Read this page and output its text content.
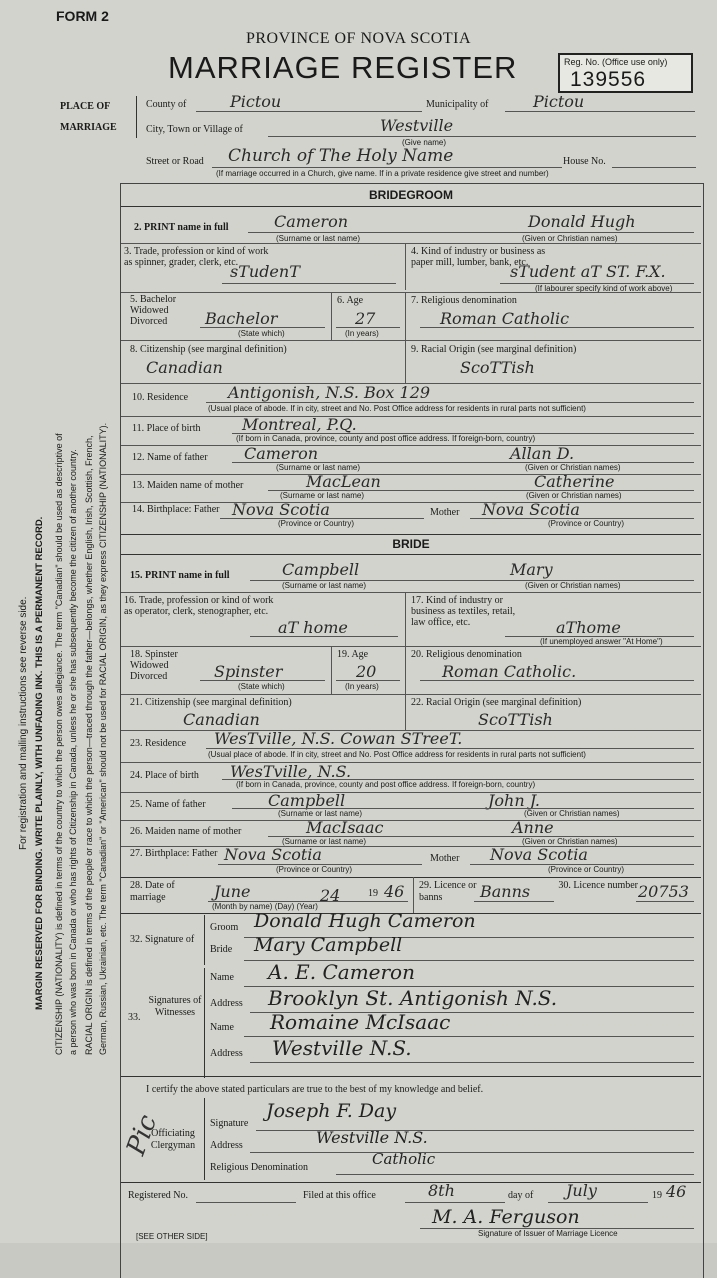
For registration and mailing instructions see reverse side. MARGIN RESERVED FOR BINDING. WRITE PLAINLY, WITH UNFADING INK. THIS IS A PERMANENT RECORD. CITIZENSHIP (NATIONALITY) is defined in terms of the country to which the person owes allegiance. The term "Canadian" should be used as descriptive of a person who was born in Canada or who has rights of Citizenship in Canada, unless he or she has subsequently become the citizen of another country. RACIAL ORIGIN is defined in terms of the people or race to which the person—traced through the father—belongs, whether English, Irish, Scottish, French, German, Russian, Ukrainian, etc. The term "Canadian" or "American" should not be used for RACIAL ORIGIN, as they express CITIZENSHIP (NATIONALITY).
FORM 2
PROVINCE OF NOVA SCOTIA
MARRIAGE REGISTER	Reg. No. (Office use only)
139556
PLACE OF
MARRIAGE
County of	Pictou	Municipality of	Pictou
City, Town or Village of	Westville
(Give name)
Street or Road Church of The Holy Name	House No.
(If marriage occurred in a Church, give name. If in a private residence give street and number)
BRIDEGROOM
2. PRINT name in full	Cameron	Donald Hugh
(Surname or last name)	(Given or Christian names)
3. Trade, profession or kind of work as spinner, grader, clerk, etc.
sTudenT
4. Kind of industry or business as paper mill, lumber, bank, etc.
sTudent aT ST. F.X.
(If labourer specify kind of work above)
5. Bachelor Widowed Divorced	Bachelor
(State which)
6. Age
27
(In years)
7. Religious denomination
Roman Catholic
8. Citizenship (see marginal definition)
Canadian
9. Racial Origin (see marginal definition)
ScoTTish
10. Residence Antigonish, N.S. Box 129
(Usual place of abode. If in city, street and No. Post Office address for residents in rural parts not sufficient)
11. Place of birth	Montreal, P.Q.
(If born in Canada, province, county and post office address. If foreign-born, country)
12. Name of father Cameron	Allan D.
(Surname or last name)	(Given or Christian names)
13. Maiden name of mother	MacLean	Catherine
(Surname or last name)	(Given or Christian names)
14. Birthplace: Father Nova Scotia
(Province or Country)
Mother Nova Scotia
(Province or Country)
BRIDE
15. PRINT name in full	Campbell	Mary
(Surname or last name)	(Given or Christian names)
16. Trade, profession or kind of work as operator, clerk, stenographer, etc.
aT home
17. Kind of industry or business as textiles, retail, law office, etc.	aThome
(If unemployed answer "At Home")
18. Spinster Widowed Divorced	Spinster
(State which)
19. Age
20
(In years)
20. Religious denomination
Roman Catholic.
21. Citizenship (see marginal definition)
Canadian
22. Racial Origin (see marginal definition)
ScoTTish
23. Residence WesTville, N.S. Cowan STreeT.
(Usual place of abode. If in city, street and No. Post Office address for residents in rural parts not sufficient)
24. Place of birth WesTville, N.S.
(If born in Canada, province, county and post office address. If foreign-born, country)
25. Name of father	Campbell	John J.
(Surname or last name)	(Given or Christian names)
26. Maiden name of mother	MacIsaac	Anne
(Surname or last name)	(Given or Christian names)
27. Birthplace: Father Nova Scotia
(Province or Country)
Mother Nova Scotia
(Province or Country)
28. Date of marriage	June	24	19 46
(Month by name) (Day) (Year)
29. Licence or banns	Banns	30. Licence number 20753
32. Signature of
Groom Donald Hugh Cameron
Bride Mary Campbell
33.
Signatures of Witnesses
Name A. E. Cameron
Address Brooklyn St. Antigonish N.S.
Name Romaine McIsaac
Address Westville N.S.
I certify the above stated particulars are true to the best of my knowledge and belief.
Officiating Clergyman
Signature
Joseph F. Day
Address	Westville N.S.
Religious Denomination	Catholic
Pic
Registered No.	Filed at this office	8th	day of July	19 46
M. A. Ferguson
Signature of Issuer of Marriage Licence
[SEE OTHER SIDE]
